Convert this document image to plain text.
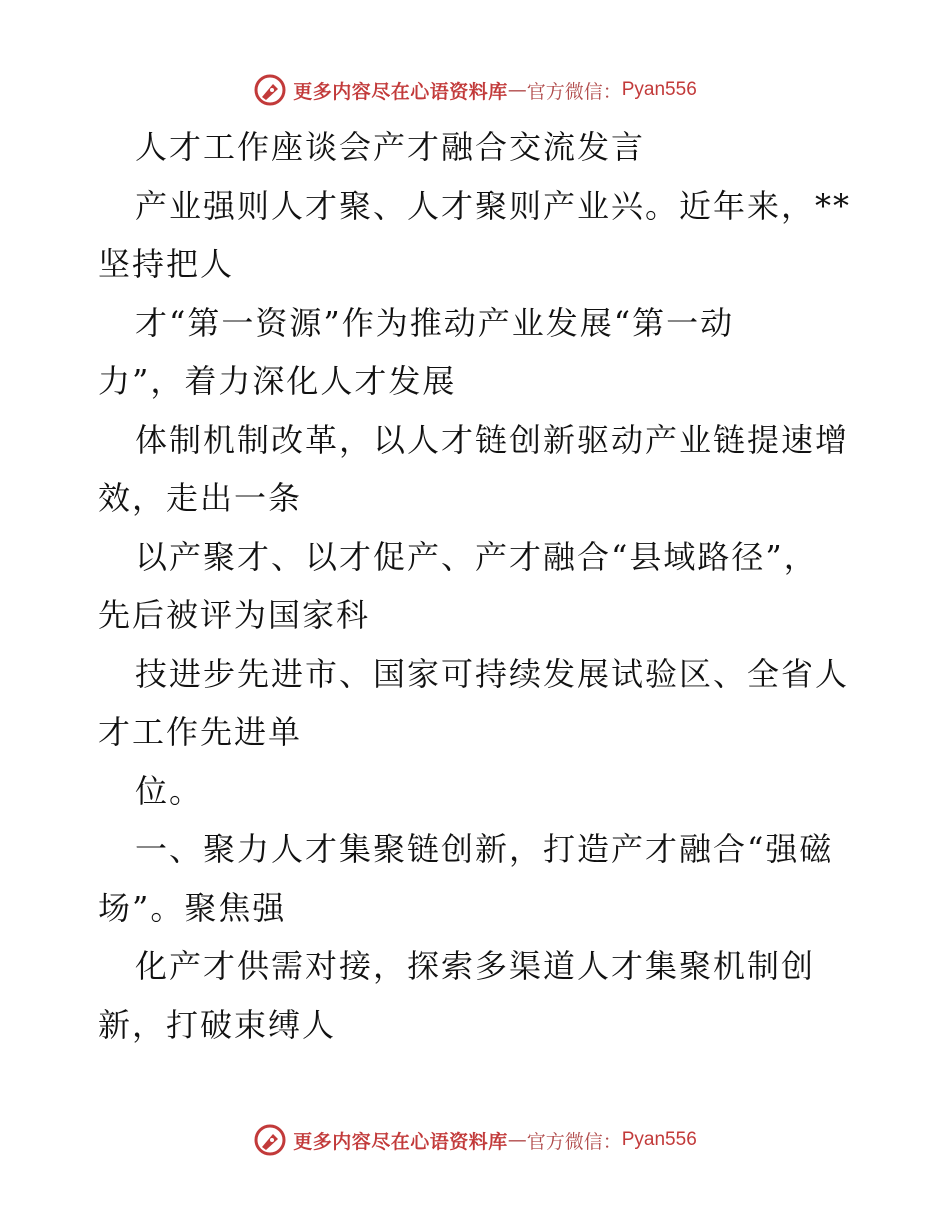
更多内容尽在心语资料库 — 官方微信： Pyan556
人才工作座谈会产才融合交流发言
产业强则人才聚、人才聚则产业兴。近年来，**
坚持把人
才“第一资源”作为推动产业发展“第一动
力”，着力深化人才发展
体制机制改革，以人才链创新驱动产业链提速增
效，走出一条
以产聚才、以才促产、产才融合“县域路径”，
先后被评为国家科
技进步先进市、国家可持续发展试验区、全省人
才工作先进单
位。
一、聚力人才集聚链创新，打造产才融合“强磁
场”。聚焦强
化产才供需对接，探索多渠道人才集聚机制创
新，打破束缚人
更多内容尽在心语资料库 — 官方微信： Pyan556
